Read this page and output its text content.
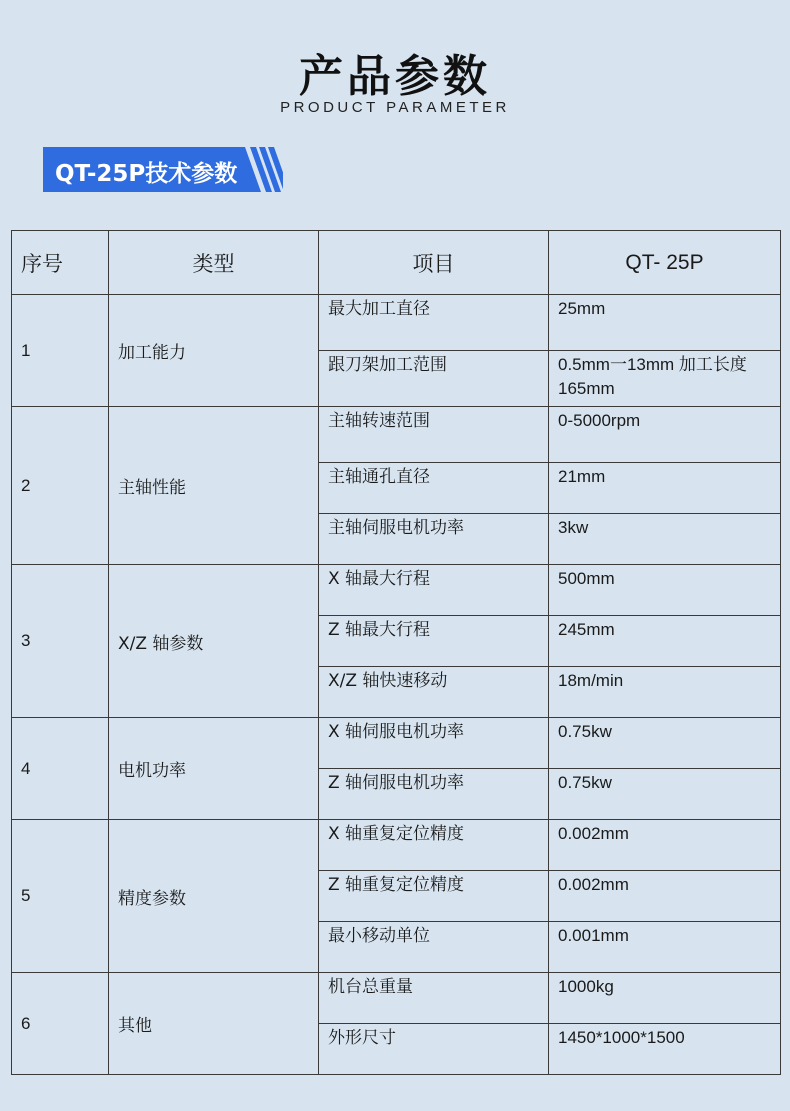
产品参数
PRODUCT PARAMETER
QT-25P技术参数
序号	类型	项目	QT- 25P
1	加工能力	最大加工直径	25mm
		跟刀架加工范围	0.5mm一13mm 加工长度165mm
2	主轴性能	主轴转速范围	0-5000rpm
		主轴通孔直径	21mm
		主轴伺服电机功率	3kw
3	X/Z 轴参数	X 轴最大行程	500mm
		Z 轴最大行程	245mm
		X/Z 轴快速移动	18m/min
4	电机功率	X 轴伺服电机功率	0.75kw
		Z 轴伺服电机功率	0.75kw
5	精度参数	X 轴重复定位精度	0.002mm
		Z 轴重复定位精度	0.002mm
		最小移动单位	0.001mm
6	其他	机台总重量	1000kg
		外形尺寸	1450*1000*1500
